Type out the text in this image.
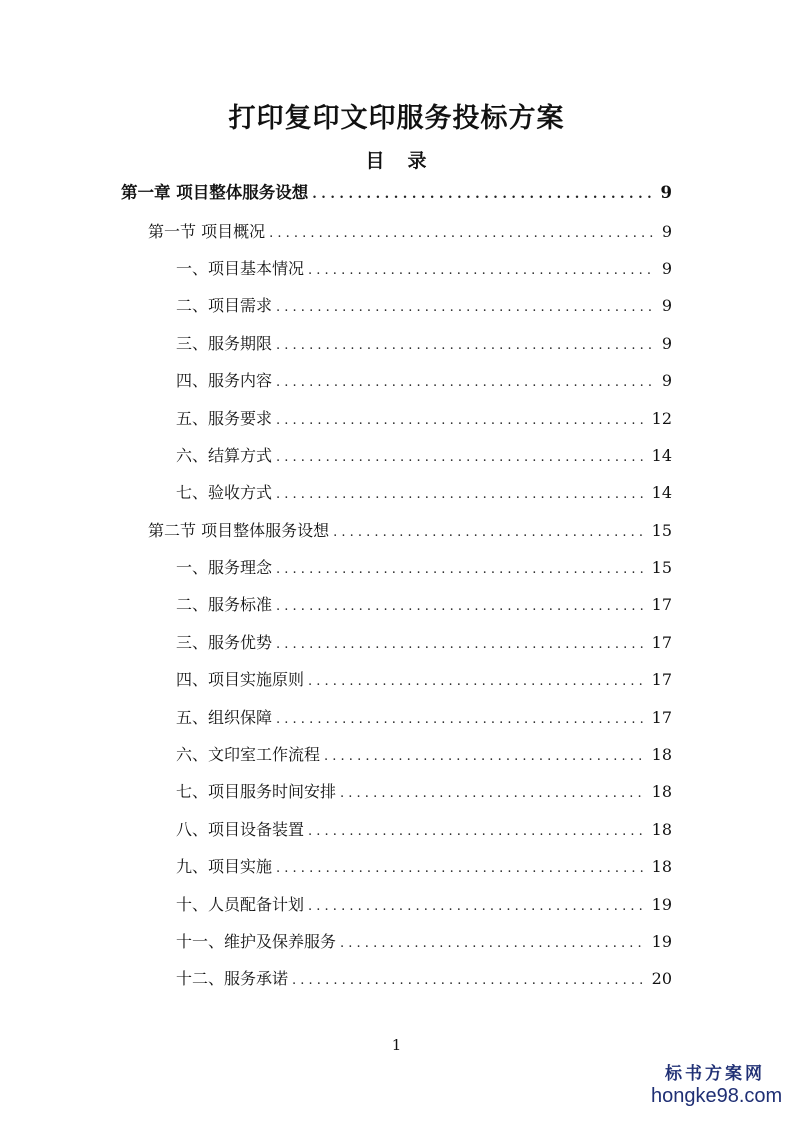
打印复印文印服务投标方案
目 录
第一章 项目整体服务设想 . . .	9
第一节 项目概况 . . .	9
一、项目基本情况 . . .	9
二、项目需求 . . .	9
三、服务期限 . . .	9
四、服务内容 . . .	9
五、服务要求 . . .	12
六、结算方式 . . .	14
七、验收方式 . . .	14
第二节 项目整体服务设想 . . .	15
一、服务理念 . . .	15
二、服务标准 . . .	17
三、服务优势 . . .	17
四、项目实施原则 . . .	17
五、组织保障 . . .	17
六、文印室工作流程 . . .	18
七、项目服务时间安排 . . .	18
八、项目设备装置 . . .	18
九、项目实施 . . .	18
十、人员配备计划 . . .	19
十一、维护及保养服务 . . .	19
十二、服务承诺 . . .	20
1
标书方案网
hongke98.com
